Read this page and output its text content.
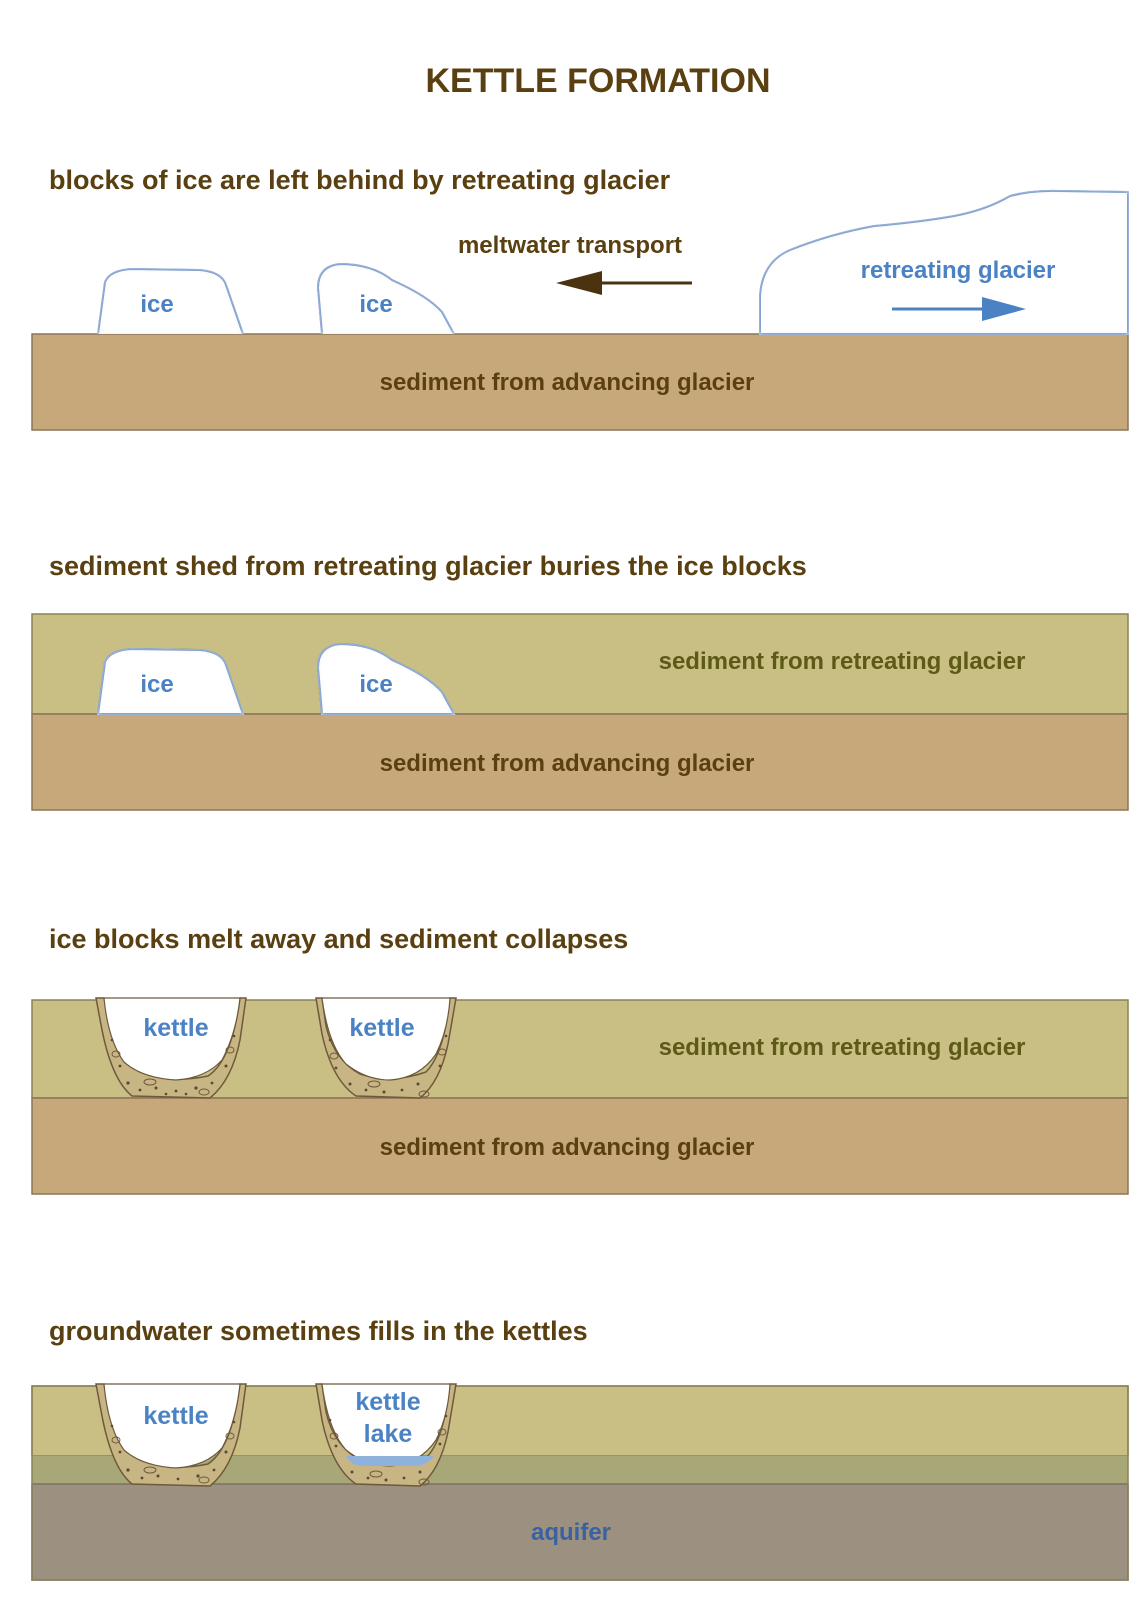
KETTLE FORMATION
blocks of ice are left behind by retreating glacier
sediment from advancing glacier
ice	ice
retreating glacier
meltwater transport
sediment shed from retreating glacier buries the ice blocks
ice	ice
sediment from retreating glacier
sediment from advancing glacier
ice blocks melt away and sediment collapses
kettle	kettle
sediment from retreating glacier
sediment from advancing glacier
groundwater sometimes fills in the kettles
kettle	kettle
lake
aquifer
